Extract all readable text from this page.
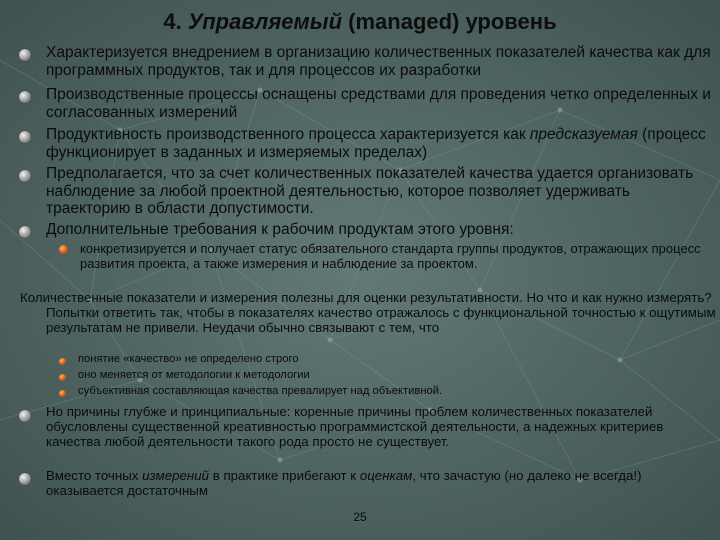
4. Управляемый (managed) уровень
Характеризуется внедрением в организацию количественных показателей качества как для программных продуктов, так и для процессов их разработки
Производственные процессы оснащены средствами для проведения четко определенных и согласованных измерений
Продуктивность производственного процесса характеризуется как предсказуемая (процесс функционирует в заданных и измеряемых пределах)
Предполагается, что за счет количественных показателей качества удается организовать наблюдение за любой проектной деятельностью, которое позволяет удерживать траекторию в области допустимости.
Дополнительные требования к рабочим продуктам этого уровня:
конкретизируется и получает статус обязательного стандарта группы продуктов, отражающих процесс развития проекта, а также измерения и наблюдение за проектом.
Количественные показатели и измерения полезны для оценки результативности. Но что и как нужно измерять? Попытки ответить так, чтобы в показателях качество отражалось с функциональной точностью к ощутимым результатам не привели. Неудачи обычно связывают с тем, что
понятие «качество» не определено строго
оно меняется от методологии к методологии
субъективная составляющая качества превалирует над объективной.
Но причины глубже и принципиальные: коренные причины проблем количественных показателей обусловлены существенной креативностью программистской деятельности, а надежных критериев качества любой деятельности такого рода просто не существует.
Вместо точных измерений в практике прибегают к оценкам, что зачастую (но далеко не всегда!) оказывается достаточным
25
